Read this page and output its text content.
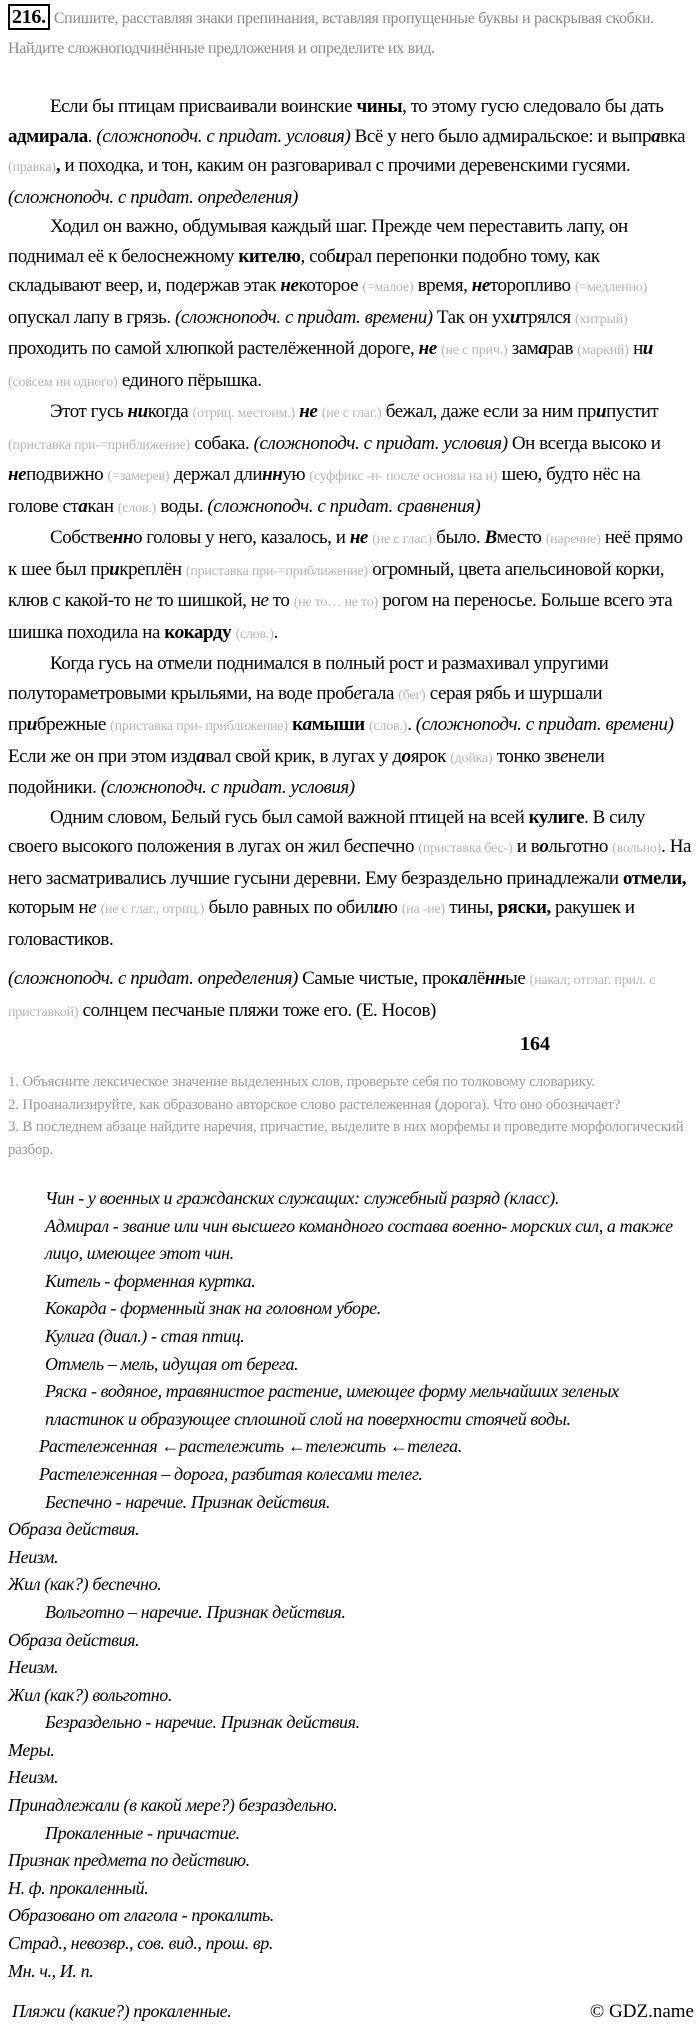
216. Спишите, расставляя знаки препинания, вставляя пропущенные буквы и раскрывая скобки. Найдите сложноподчинённые предложения и определите их вид.

Если бы птицам присваивали воинские чины, то этому гусю следовало бы дать адмирала. (сложноподч. с придат. условия) Всё у него было адмиральское: и выправка (правка), и походка, и тон, каким он разговаривал с прочими деревенскими гусями. (сложноподч. с придат. определения)

Ходил он важно, обдумывая каждый шаг. Прежде чем переставить лапу, он поднимал её к белоснежному кителю, собирал перепонки подобно тому, как складывают веер, и, подержав этак некоторое (=малое) время, неторопливо (=медленно) опускал лапу в грязь. (сложноподч. с придат. времени) Так он ухитрялся (хитрый) проходить по самой хлюпкой растелёженной дороге, не (не с прич.) замарав (маркий) ни (совсем ни одного) единого пёрышка.

Этот гусь никогда (отриц. местоим.) не (не с глаг.) бежал, даже если за ним припустит (приставка при-=приближение) собака. (сложноподч. с придат. условия) Он всегда высоко и неподвижно (=замерев) держал длинную (суффикс -н- после основы на н) шею, будто нёс на голове стакан (слов.) воды. (сложноподч. с придат. сравнения)

Собственно головы у него, казалось, и не (не с глаг.) было. Вместо (наречие) неё прямо к шее был прикреплён (приставка при-=приближение) огромный, цвета апельсиновой корки, клюв с какой-то не то шишкой, не то (не то… не то) рогом на переносье. Больше всего эта шишка походила на кокарду (слов.).

Когда гусь на отмели поднимался в полный рост и размахивал упругими полутораметровыми крыльями, на воде пробегала (бег) серая рябь и шуршали прибрежные (приставка при- приближение) камыши (слов.). (сложноподч. с придат. времени) Если же он при этом издавал свой крик, в лугах у доярок (дойка) тонко звенели подойники. (сложноподч. с придат. условия)

Одним словом, Белый гусь был самой важной птицей на всей кулиге. В силу своего высокого положения в лугах он жил беспечно (приставка бес-) и вольготно (вольно). На него засматривались лучшие гусыни деревни. Ему безраздельно принадлежали отмели, которым не (не с глаг., отриц.) было равных по обилию (на -ие) тины, ряски, ракушек и головастиков.

(сложноподч. с придат. определения) Самые чистые, прокалённые (накал; отглаг. прил. с приставкой) солнцем песчаные пляжи тоже его. (Е. Носов)

164
1. Объясните лексическое значение выделенных слов, проверьте себя по толковому словарику.
2. Проанализируйте, как образовано авторское слово растележенная (дорога). Что оно обозначает?
3. В последнем абзаце найдите наречия, причастие, выделите в них морфемы и проведите морфологический разбор.
Чин - у военных и гражданских служащих: служебный разряд (класс).
Адмирал - звание или чин высшего командного состава военно- морских сил, а также лицо, имеющее этот чин.
Китель - форменная куртка.
Кокарда - форменный знак на головном уборе.
Кулига (диал.) - стая птиц.
Отмель – мель, идущая от берега.
Ряска - водяное, травянистое растение, имеющее форму мельчайших зеленых пластинок и образующее сплошной слой на поверхности стоячей воды.
Растележенная ←растележить ←тележить ←телега.
Растележенная – дорога, разбитая колесами телег.
Беспечно - наречие. Признак действия.
Образа действия.
Неизм.
Жил (как?) беспечно.
Вольготно – наречие. Признак действия.
Образа действия.
Неизм.
Жил (как?) вольготно.
Безраздельно - наречие. Признак действия.
Меры.
Неизм.
Принадлежали (в какой мере?) безраздельно.
Прокаленные - причастие.
Признак предмета по действию.
Н. ф. прокаленный.
Образовано от глагола - прокалить.
Страд., невозвр., сов. вид., прош. вр.
Мн. ч., И. п.
Пляжи (какие?) прокаленные.	© GDZ.name
